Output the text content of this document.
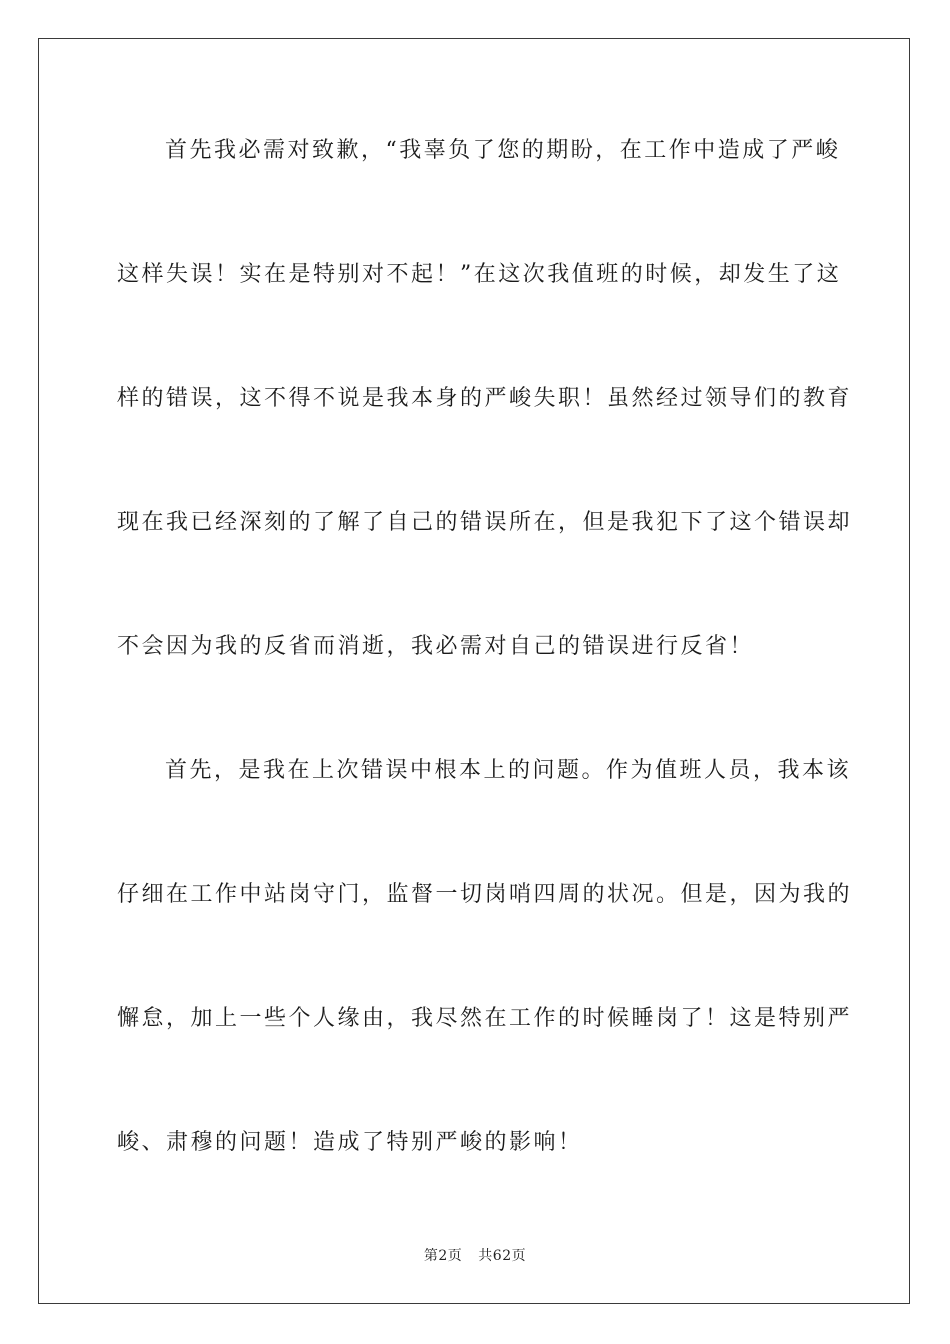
首先我必需对致歉，“我辜负了您的期盼，在工作中造成了严峻
这样失误！实在是特别对不起！”在这次我值班的时候，却发生了这
样的错误，这不得不说是我本身的严峻失职！虽然经过领导们的教育
现在我已经深刻的了解了自己的错误所在，但是我犯下了这个错误却
不会因为我的反省而消逝，我必需对自己的错误进行反省！
首先，是我在上次错误中根本上的问题。作为值班人员，我本该
仔细在工作中站岗守门，监督一切岗哨四周的状况。但是，因为我的
懈怠，加上一些个人缘由，我尽然在工作的时候睡岗了！这是特别严
峻、肃穆的问题！造成了特别严峻的影响！
第2页 共62页
